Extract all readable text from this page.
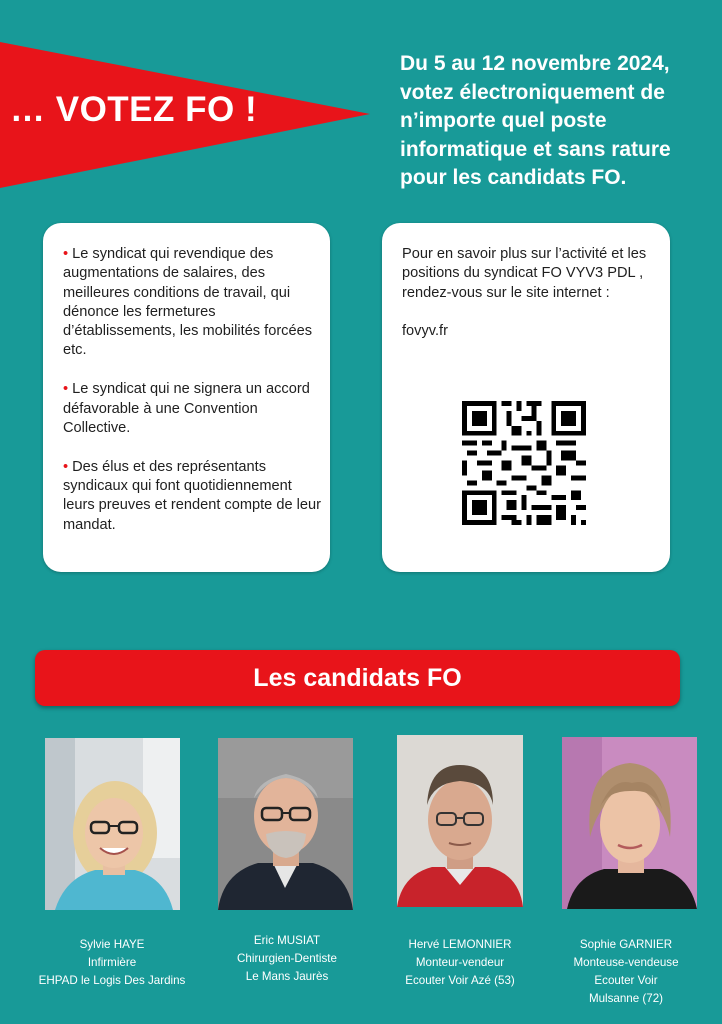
… VOTEZ FO !
Du 5 au 12 novembre 2024,
votez électroniquement de
n’importe quel poste
informatique et sans rature
pour les candidats FO.
• Le syndicat qui revendique des augmentations de salaires, des meilleures conditions de travail, qui dénonce les fermetures d’établissements, les mobilités forcées etc.
• Le syndicat qui ne signera un accord défavorable à une Convention Collective.
• Des élus et des représentants syndicaux qui font quotidiennement leurs preuves et rendent compte de leur mandat.
Pour en savoir plus sur l’activité et les positions du syndicat FO VYV3 PDL , rendez-vous sur le site internet :
fovyv.fr
Les candidats FO
Sylvie HAYE
Infirmière
EHPAD le Logis Des Jardins
Eric MUSIAT
Chirurgien-Dentiste
Le Mans Jaurès
Hervé LEMONNIER
Monteur-vendeur
Ecouter Voir Azé (53)
Sophie GARNIER
Monteuse-vendeuse
Ecouter Voir
Mulsanne (72)
